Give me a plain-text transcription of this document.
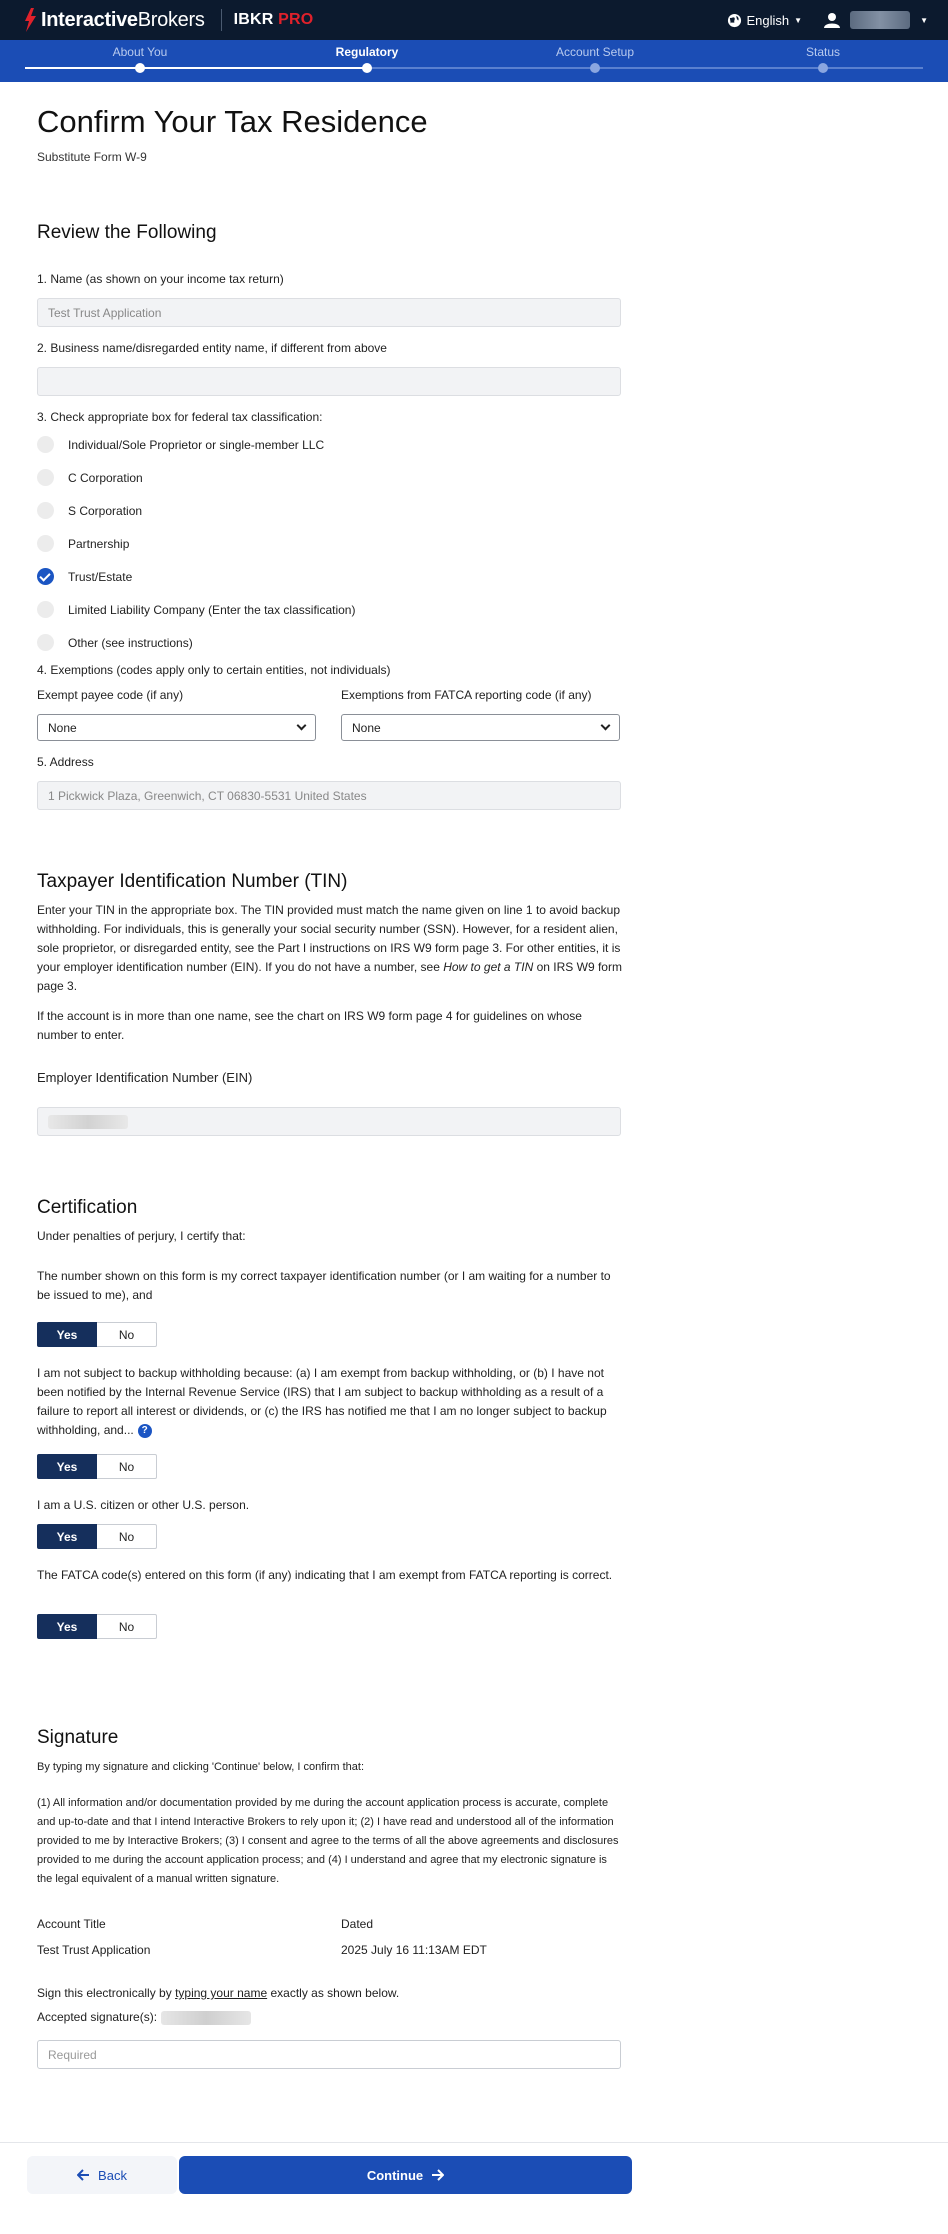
InteractiveBrokers IBKR PRO	English ▼	▼
About You	Regulatory	Account Setup	Status
Confirm Your Tax Residence
Substitute Form W-9
Review the Following
1. Name (as shown on your income tax return)
Test Trust Application
2. Business name/disregarded entity name, if different from above
3. Check appropriate box for federal tax classification:
Individual/Sole Proprietor or single-member LLC
C Corporation
S Corporation
Partnership
Trust/Estate
Limited Liability Company (Enter the tax classification)
Other (see instructions)
4. Exemptions (codes apply only to certain entities, not individuals)
Exempt payee code (if any)	Exemptions from FATCA reporting code (if any)
None	None
5. Address
1 Pickwick Plaza, Greenwich, CT 06830-5531 United States
Taxpayer Identification Number (TIN)
Enter your TIN in the appropriate box. The TIN provided must match the name given on line 1 to avoid backup withholding. For individuals, this is generally your social security number (SSN). However, for a resident alien, sole proprietor, or disregarded entity, see the Part I instructions on IRS W9 form page 3. For other entities, it is your employer identification number (EIN). If you do not have a number, see How to get a TIN on IRS W9 form page 3.
If the account is in more than one name, see the chart on IRS W9 form page 4 for guidelines on whose number to enter.
Employer Identification Number (EIN)
Certification
Under penalties of perjury, I certify that:
The number shown on this form is my correct taxpayer identification number (or I am waiting for a number to be issued to me), and
Yes	No
I am not subject to backup withholding because: (a) I am exempt from backup withholding, or (b) I have not been notified by the Internal Revenue Service (IRS) that I am subject to backup withholding as a result of a failure to report all interest or dividends, or (c) the IRS has notified me that I am no longer subject to backup withholding, and... ?
Yes	No
I am a U.S. citizen or other U.S. person.
Yes	No
The FATCA code(s) entered on this form (if any) indicating that I am exempt from FATCA reporting is correct.
Yes	No
Signature
By typing my signature and clicking 'Continue' below, I confirm that:
(1) All information and/or documentation provided by me during the account application process is accurate, complete and up-to-date and that I intend Interactive Brokers to rely upon it; (2) I have read and understood all of the information provided to me by Interactive Brokers; (3) I consent and agree to the terms of all the above agreements and disclosures provided to me during the account application process; and (4) I understand and agree that my electronic signature is the legal equivalent of a manual written signature.
Account Title	Dated
Test Trust Application	2025 July 16 11:13AM EDT
Sign this electronically by typing your name exactly as shown below.
Accepted signature(s):
Required
Back	Continue
